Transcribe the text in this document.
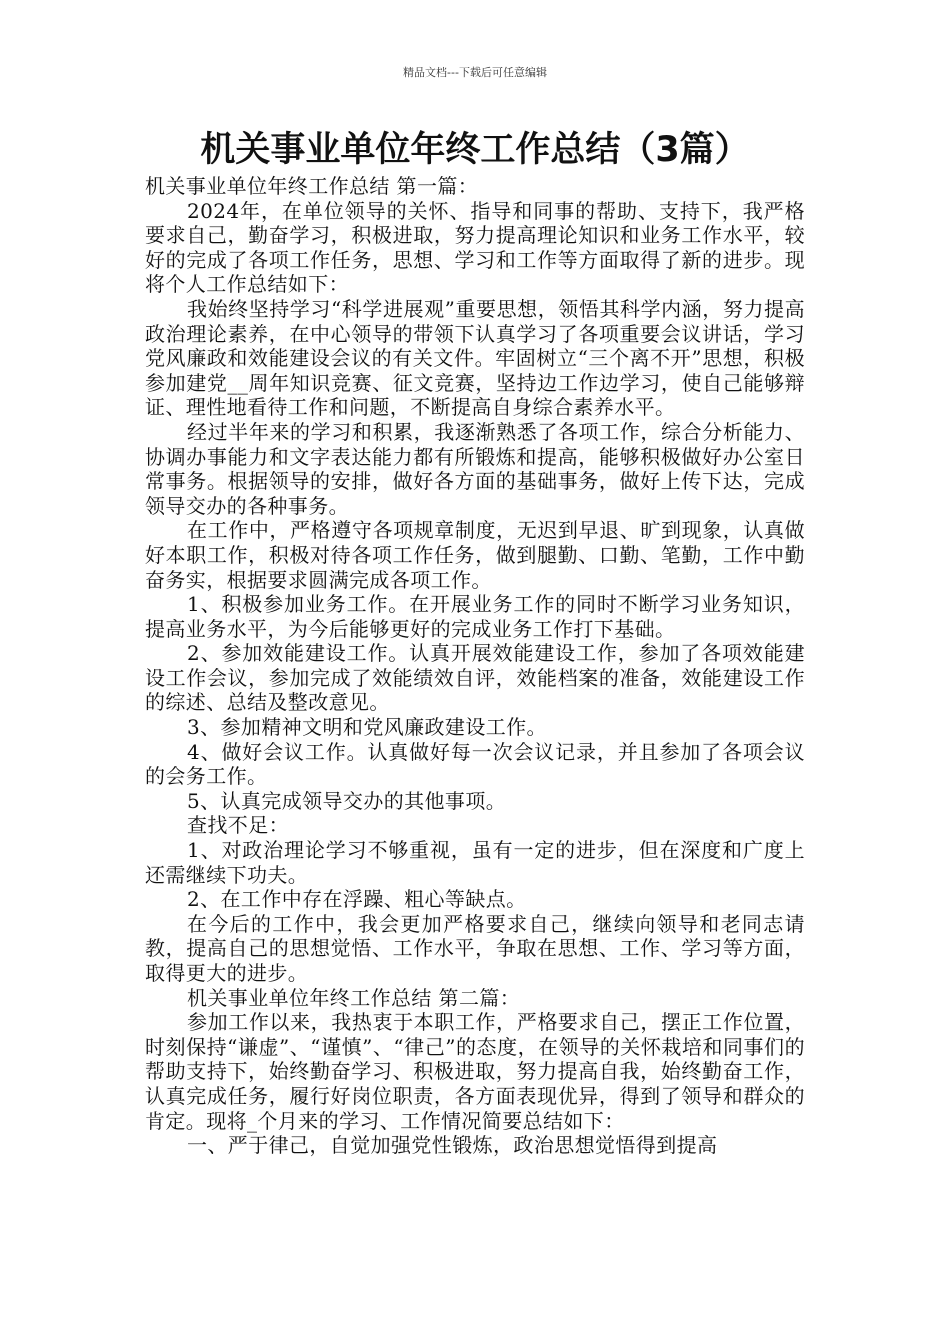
精品文档---下载后可任意编辑
机关事业单位年终工作总结（3篇）

机关事业单位年终工作总结 第一篇：

2024年，在单位领导的关怀、指导和同事的帮助、支持下，我严格要求自己，勤奋学习，积极进取，努力提高理论知识和业务工作水平，较好的完成了各项工作任务，思想、学习和工作等方面取得了新的进步。现将个人工作总结如下：

我始终坚持学习“科学进展观”重要思想，领悟其科学内涵，努力提高政治理论素养，在中心领导的带领下认真学习了各项重要会议讲话，学习党风廉政和效能建设会议的有关文件。牢固树立“三个离不开”思想，积极参加建党__周年知识竞赛、征文竞赛，坚持边工作边学习，使自己能够辩证、理性地看待工作和问题，不断提高自身综合素养水平。

经过半年来的学习和积累，我逐渐熟悉了各项工作，综合分析能力、协调办事能力和文字表达能力都有所锻炼和提高，能够积极做好办公室日常事务。根据领导的安排，做好各方面的基础事务，做好上传下达，完成领导交办的各种事务。

在工作中，严格遵守各项规章制度，无迟到早退、旷到现象，认真做好本职工作，积极对待各项工作任务，做到腿勤、口勤、笔勤，工作中勤奋务实，根据要求圆满完成各项工作。

1、积极参加业务工作。在开展业务工作的同时不断学习业务知识，提高业务水平，为今后能够更好的完成业务工作打下基础。

2、参加效能建设工作。认真开展效能建设工作，参加了各项效能建设工作会议，参加完成了效能绩效自评，效能档案的准备，效能建设工作的综述、总结及整改意见。

3、参加精神文明和党风廉政建设工作。

4、做好会议工作。认真做好每一次会议记录，并且参加了各项会议的会务工作。

5、认真完成领导交办的其他事项。

查找不足：

1、对政治理论学习不够重视，虽有一定的进步，但在深度和广度上还需继续下功夫。

2、在工作中存在浮躁、粗心等缺点。

在今后的工作中，我会更加严格要求自己，继续向领导和老同志请教，提高自己的思想觉悟、工作水平，争取在思想、工作、学习等方面，取得更大的进步。

机关事业单位年终工作总结 第二篇：

参加工作以来，我热衷于本职工作，严格要求自己，摆正工作位置，时刻保持“谦虚”、“谨慎”、“律己”的态度，在领导的关怀栽培和同事们的帮助支持下，始终勤奋学习、积极进取，努力提高自我，始终勤奋工作，认真完成任务，履行好岗位职责，各方面表现优异，得到了领导和群众的肯定。现将_个月来的学习、工作情况简要总结如下：

一、严于律己，自觉加强党性锻炼，政治思想觉悟得到提高
